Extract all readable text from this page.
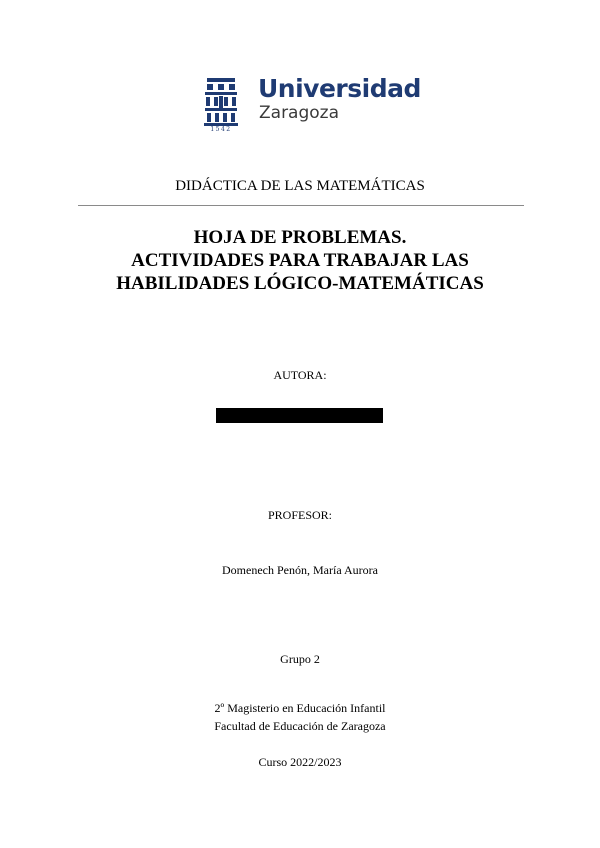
1542
Universidad
Zaragoza
DIDÁCTICA DE LAS MATEMÁTICAS
HOJA DE PROBLEMAS.
ACTIVIDADES PARA TRABAJAR LAS
HABILIDADES LÓGICO-MATEMÁTICAS
AUTORA:
PROFESOR:
Domenech Penón, María Aurora
Grupo 2
2º Magisterio en Educación Infantil
Facultad de Educación de Zaragoza
Curso 2022/2023
